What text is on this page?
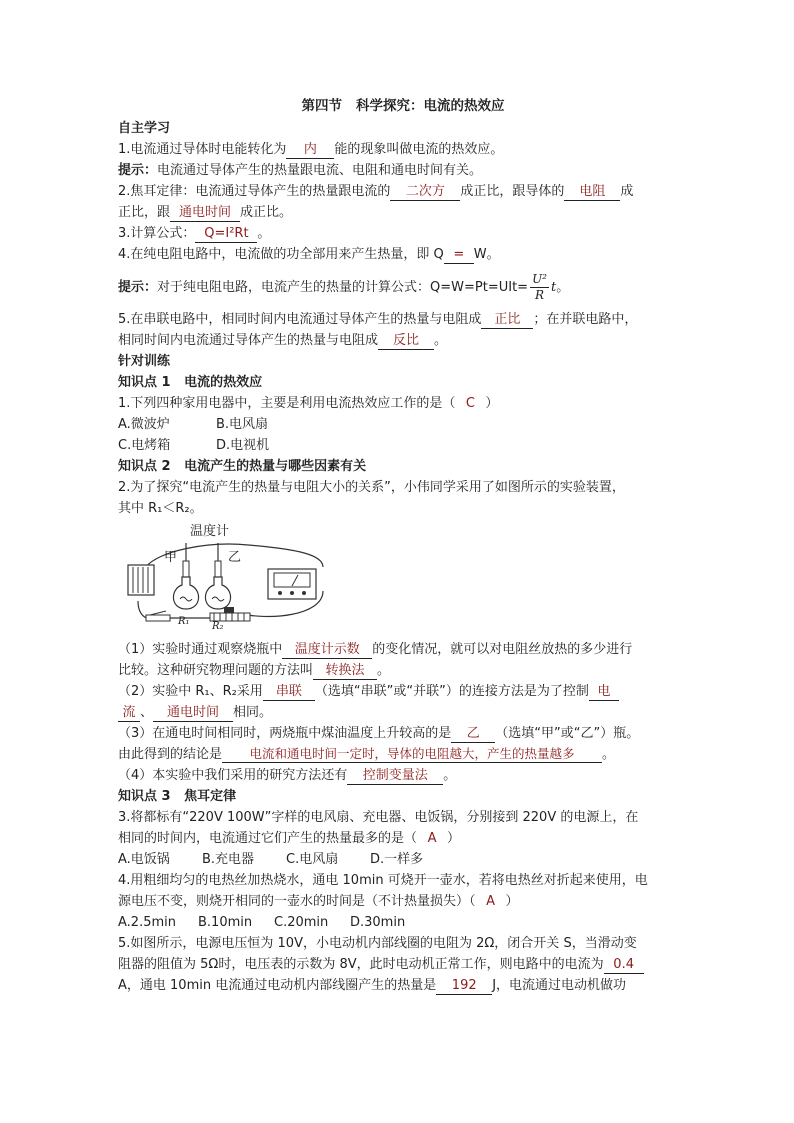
第四节 科学探究：电流的热效应
自主学习
1.电流通过导体时电能转化为 内 能的现象叫做电流的热效应。
提示：电流通过导体产生的热量跟电流、电阻和通电时间有关。
2.焦耳定律：电流通过导体产生的热量跟电流的 二次方 成正比，跟导体的 电阻 成
正比，跟 通电时间 成正比。
3.计算公式： Q=I²Rt 。
4.在纯电阻电路中，电流做的功全部用来产生热量，即 Q = W。
提示：对于纯电阻电路，电流产生的热量的计算公式：$Q=W=Pt=UIt= \frac{\text{U²}}{R}$ t。
5.在串联电路中，相同时间内电流通过导体产生的热量与电阻成 正比 ；在并联电路中，
相同时间内电流通过导体产生的热量与电阻成 反比 。
针对训练
知识点 1 电流的热效应
1.下列四种家用电器中，主要是利用电流热效应工作的是（ C ）
A.微波炉	B.电风扇
C.电烤箱	D.电视机
知识点 2 电流产生的热量与哪些因素有关
2.为了探究“电流产生的热量与电阻大小的关系”，小伟同学采用了如图所示的实验装置，
其中 R₁＜R₂。
温度计
甲	乙
R₁ R₂
（1）实验时通过观察烧瓶中 温度计示数 的变化情况，就可以对电阻丝放热的多少进行
比较。这种研究物理问题的方法叫 转换法 。
（2）实验中 R₁、R₂采用 串联 （选填“串联”或“并联”）的连接方法是为了控制 电
流 、 通电时间 相同。
（3）在通电时间相同时，两烧瓶中煤油温度上升较高的是 乙 （选填“甲”或“乙”）瓶。
由此得到的结论是 电流和通电时间一定时，导体的电阻越大，产生的热量越多 。
（4）本实验中我们采用的研究方法还有 控制变量法 。
知识点 3 焦耳定律
3.将都标有“220V 100W”字样的电风扇、充电器、电饭锅，分别接到 220V 的电源上，在
相同的时间内，电流通过它们产生的热量最多的是（ A ）
A.电饭锅 B.充电器 C.电风扇 D.一样多
4.用粗细均匀的电热丝加热烧水，通电 10min 可烧开一壶水，若将电热丝对折起来使用，电
源电压不变，则烧开相同的一壶水的时间是（不计热量损失）（ A ）
A.2.5min B.10min C.20min D.30min
5.如图所示，电源电压恒为 10V，小电动机内部线圈的电阻为 2Ω，闭合开关 S，当滑动变
阻器的阻值为 5Ω时，电压表的示数为 8V，此时电动机正常工作，则电路中的电流为 0.4
A，通电 10min 电流通过电动机内部线圈产生的热量是 192 J，电流通过电动机做功
